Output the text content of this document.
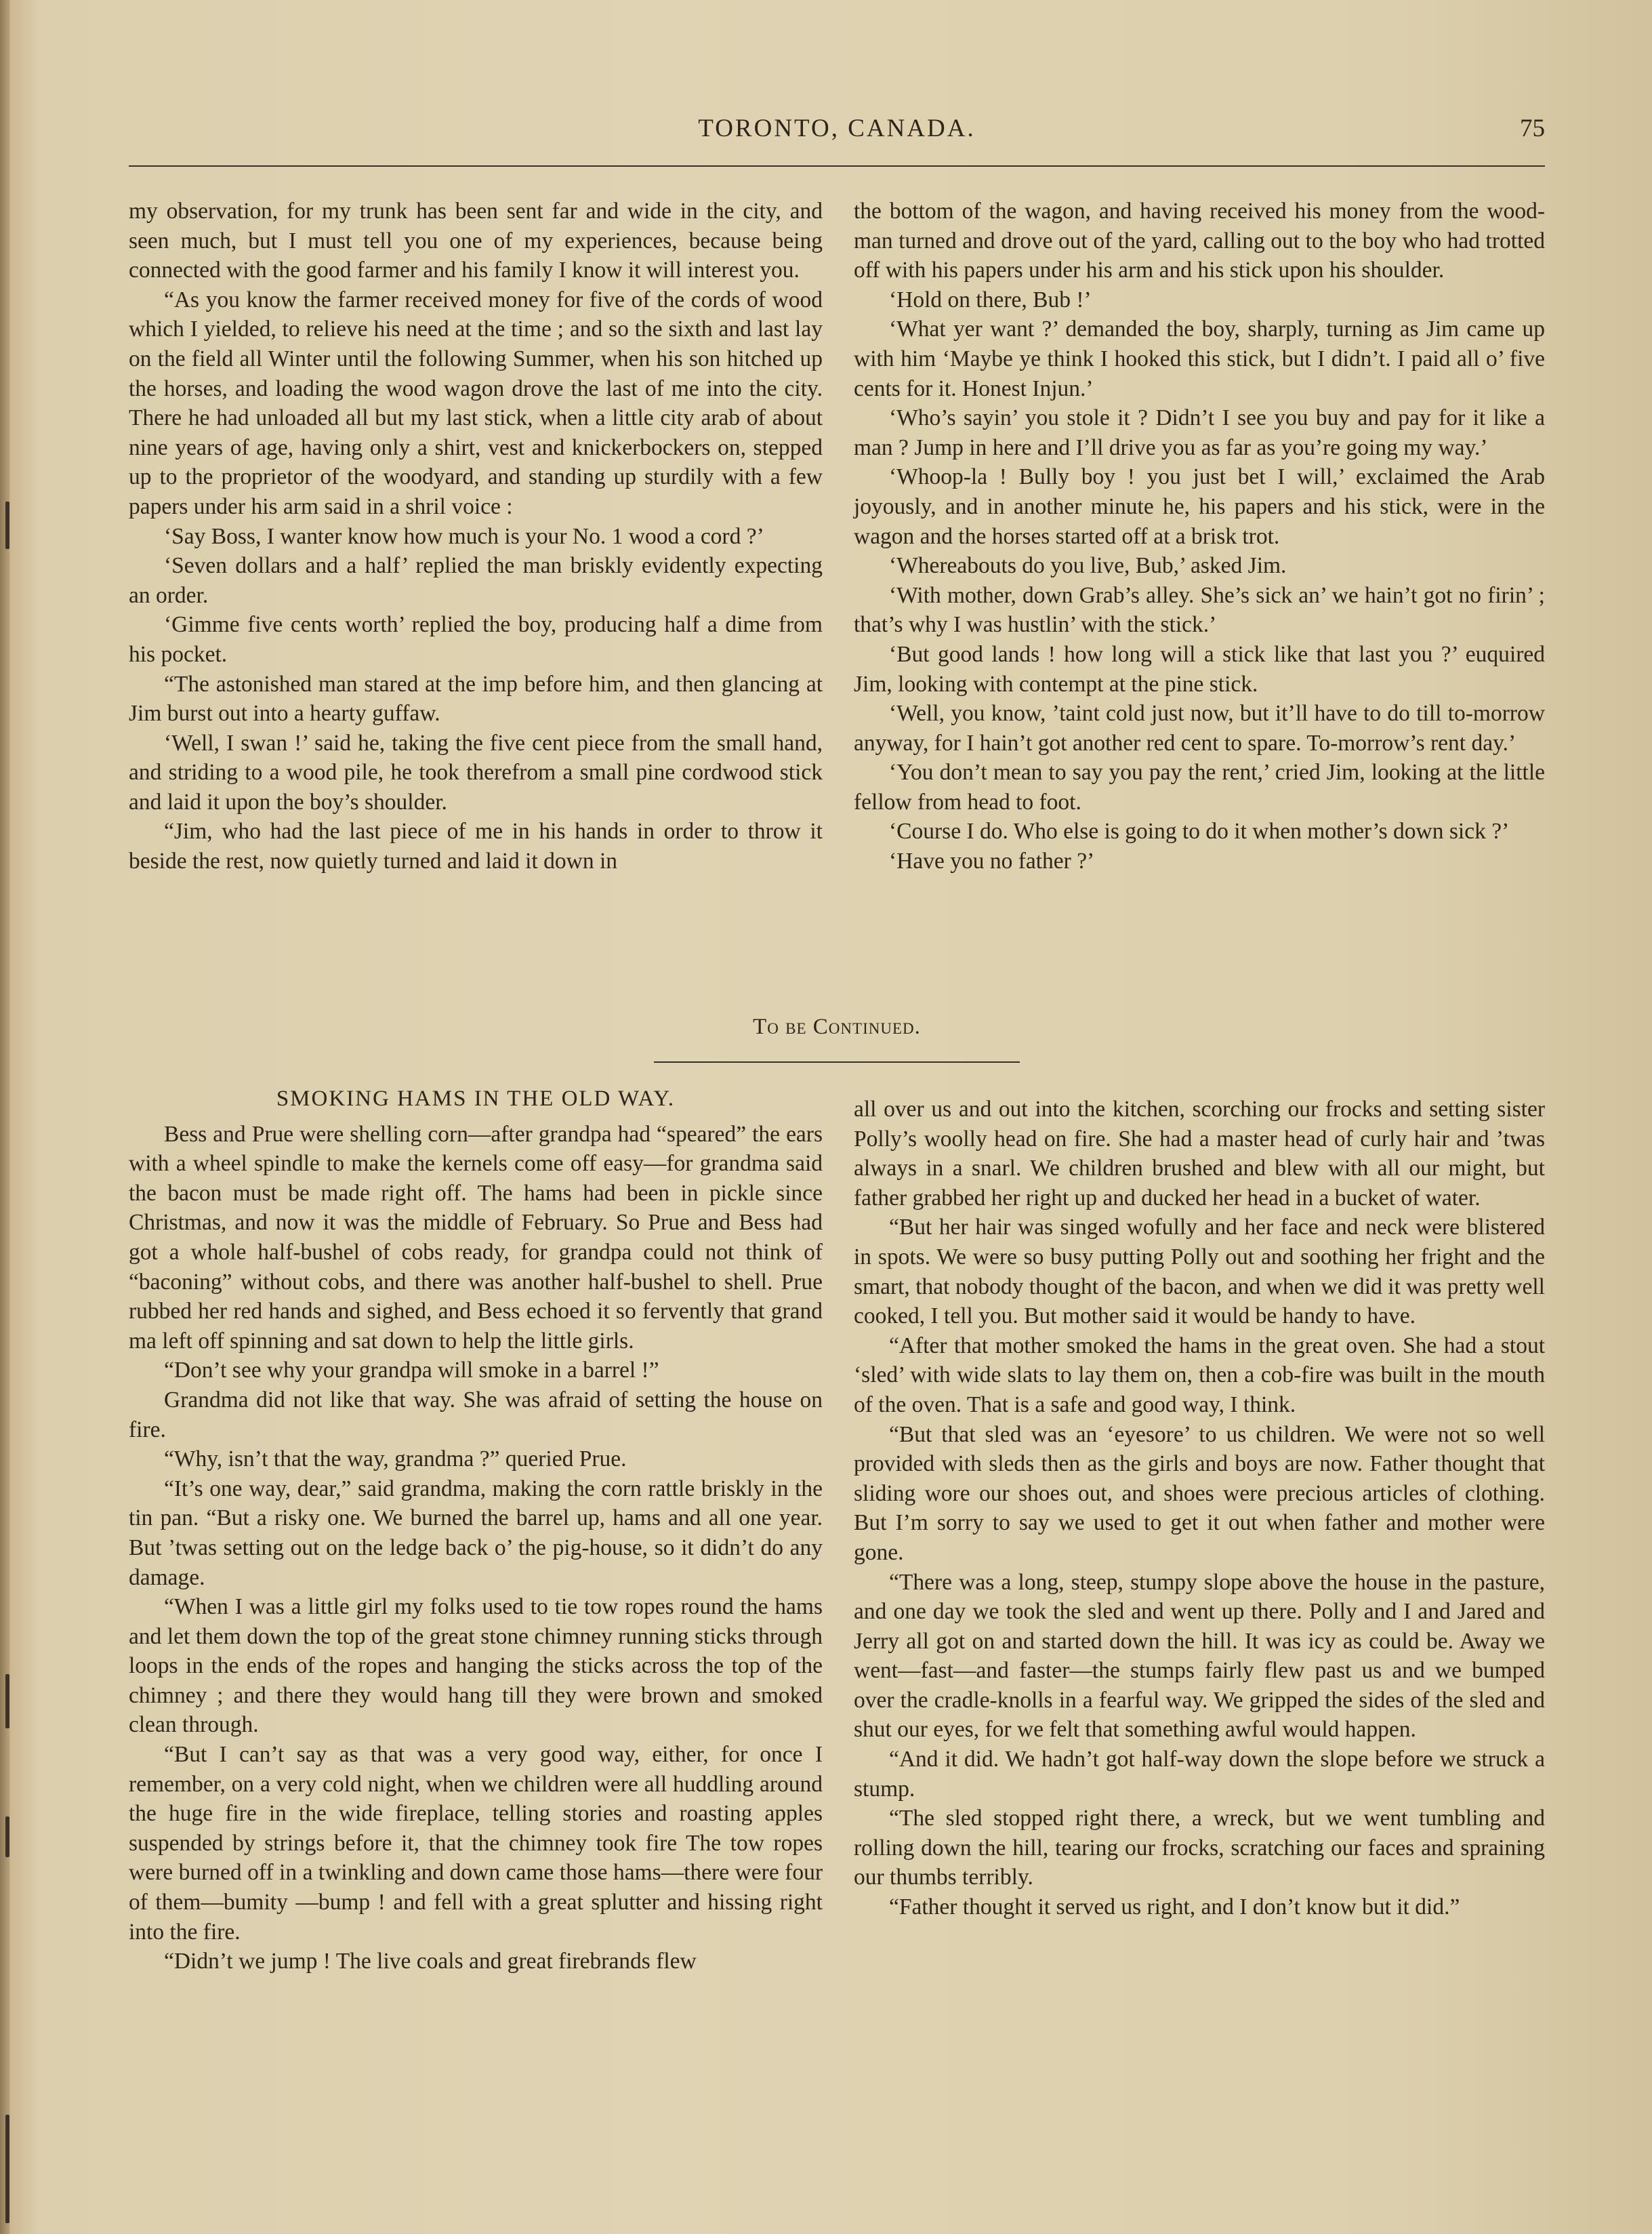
TORONTO, CANADA.	75

my observation, for my trunk has been sent far and wide in the city, and seen much, but I must tell you one of my experiences, because being connected with the good farmer and his family I know it will interest you.

“As you know the farmer received money for five of the cords of wood which I yielded, to relieve his need at the time ; and so the sixth and last lay on the field all Winter until the following Summer, when his son hitched up the horses, and loading the wood wagon drove the last of me into the city. There he had unloaded all but my last stick, when a little city arab of about nine years of age, having only a shirt, vest and knickerbockers on, stepped up to the proprietor of the woodyard, and standing up sturdily with a few papers under his arm said in a shril voice :

‘Say Boss, I wanter know how much is your No. 1 wood a cord ?’

‘Seven dollars and a half’ replied the man briskly evidently expecting an order.

‘Gimme five cents worth’ replied the boy, producing half a dime from his pocket.

“The astonished man stared at the imp before him, and then glancing at Jim burst out into a hearty guffaw.

‘Well, I swan !’ said he, taking the five cent piece from the small hand, and striding to a wood pile, he took therefrom a small pine cordwood stick and laid it upon the boy’s shoulder.

“Jim, who had the last piece of me in his hands in order to throw it beside the rest, now quietly turned and laid it down in

the bottom of the wagon, and having received his money from the wood-man turned and drove out of the yard, calling out to the boy who had trotted off with his papers under his arm and his stick upon his shoulder.

‘Hold on there, Bub !’

‘What yer want ?’ demanded the boy, sharply, turning as Jim came up with him ‘Maybe ye think I hooked this stick, but I didn’t. I paid all o’ five cents for it. Honest Injun.’

‘Who’s sayin’ you stole it ? Didn’t I see you buy and pay for it like a man ? Jump in here and I’ll drive you as far as you’re going my way.’

‘Whoop-la ! Bully boy ! you just bet I will,’ exclaimed the Arab joyously, and in another minute he, his papers and his stick, were in the wagon and the horses started off at a brisk trot.

‘Whereabouts do you live, Bub,’ asked Jim.

‘With mother, down Grab’s alley. She’s sick an’ we hain’t got no firin’ ; that’s why I was hustlin’ with the stick.’

‘But good lands ! how long will a stick like that last you ?’ euquired Jim, looking with contempt at the pine stick.

‘Well, you know, ’taint cold just now, but it’ll have to do till to-morrow anyway, for I hain’t got another red cent to spare. To-morrow’s rent day.’

‘You don’t mean to say you pay the rent,’ cried Jim, looking at the little fellow from head to foot.

‘Course I do. Who else is going to do it when mother’s down sick ?’

‘Have you no father ?’

To be Continued.
SMOKING HAMS IN THE OLD WAY.

Bess and Prue were shelling corn—after grandpa had “speared” the ears with a wheel spindle to make the kernels come off easy—for grandma said the bacon must be made right off. The hams had been in pickle since Christmas, and now it was the middle of February. So Prue and Bess had got a whole half-bushel of cobs ready, for grandpa could not think of “baconing” without cobs, and there was another half-bushel to shell. Prue rubbed her red hands and sighed, and Bess echoed it so fervently that grand ma left off spinning and sat down to help the little girls.

“Don’t see why your grandpa will smoke in a barrel !”

Grandma did not like that way. She was afraid of setting the house on fire.

“Why, isn’t that the way, grandma ?” queried Prue.

“It’s one way, dear,” said grandma, making the corn rattle briskly in the tin pan. “But a risky one. We burned the barrel up, hams and all one year. But ’twas setting out on the ledge back o’ the pig-house, so it didn’t do any damage.

“When I was a little girl my folks used to tie tow ropes round the hams and let them down the top of the great stone chimney running sticks through loops in the ends of the ropes and hanging the sticks across the top of the chimney ; and there they would hang till they were brown and smoked clean through.

“But I can’t say as that was a very good way, either, for once I remember, on a very cold night, when we children were all huddling around the huge fire in the wide fireplace, telling stories and roasting apples suspended by strings before it, that the chimney took fire The tow ropes were burned off in a twinkling and down came those hams—there were four of them—bumity —bump ! and fell with a great splutter and hissing right into the fire.

“Didn’t we jump ! The live coals and great firebrands flew

all over us and out into the kitchen, scorching our frocks and setting sister Polly’s woolly head on fire. She had a master head of curly hair and ’twas always in a snarl. We children brushed and blew with all our might, but father grabbed her right up and ducked her head in a bucket of water.

“But her hair was singed wofully and her face and neck were blistered in spots. We were so busy putting Polly out and soothing her fright and the smart, that nobody thought of the bacon, and when we did it was pretty well cooked, I tell you. But mother said it would be handy to have.

“After that mother smoked the hams in the great oven. She had a stout ‘sled’ with wide slats to lay them on, then a cob-fire was built in the mouth of the oven. That is a safe and good way, I think.

“But that sled was an ‘eyesore’ to us children. We were not so well provided with sleds then as the girls and boys are now. Father thought that sliding wore our shoes out, and shoes were precious articles of clothing. But I’m sorry to say we used to get it out when father and mother were gone.

“There was a long, steep, stumpy slope above the house in the pasture, and one day we took the sled and went up there. Polly and I and Jared and Jerry all got on and started down the hill. It was icy as could be. Away we went—fast—and faster—the stumps fairly flew past us and we bumped over the cradle-knolls in a fearful way. We gripped the sides of the sled and shut our eyes, for we felt that something awful would happen.

“And it did. We hadn’t got half-way down the slope before we struck a stump.

“The sled stopped right there, a wreck, but we went tumbling and rolling down the hill, tearing our frocks, scratching our faces and spraining our thumbs terribly.

“Father thought it served us right, and I don’t know but it did.”
